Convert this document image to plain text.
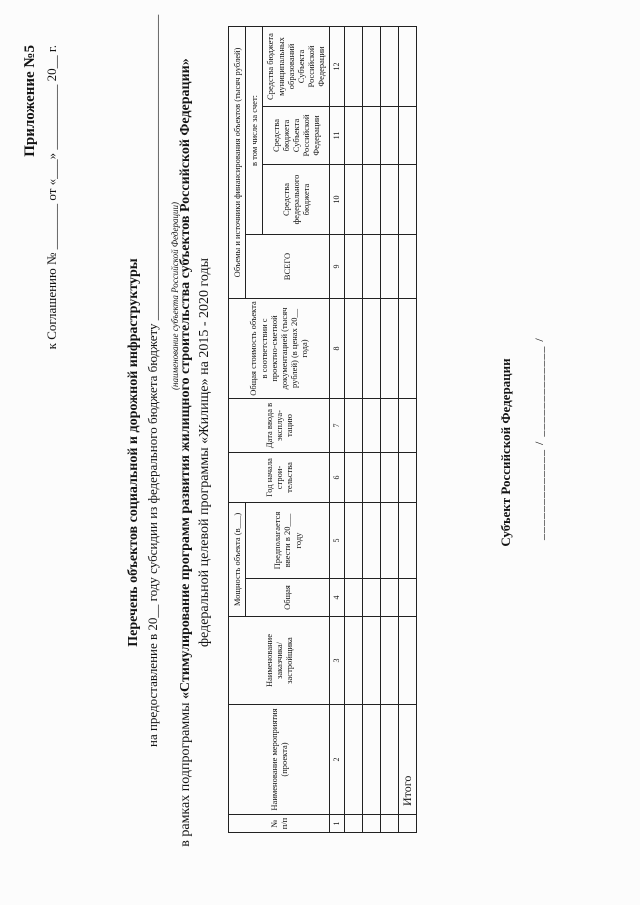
Приложение №5 к Соглашению № _______ от «___» __________ 20__ г.
Перечень объектов социальной и дорожной инфраструктуры на предоставление в 20__ году субсидии из федерального бюджета бюджету _______________________________________________ (наименование субъекта Российской Федерации)
в рамках подпрограммы «Стимулирование программ развития жилищного строительства субъектов Российской Федерации» федеральной целевой программы «Жилище» на 2015 - 2020 годы
№ п/п	Наименование мероприятия (проекта)	Наименование заказчика/ застройщика	Мощность объекта (в___)		Год начала строи- тельства	Дата ввода в эксплуа- тацию	Общая стоимость объекта в соответствии с проектно-сметной документацией (тысяч рублей) (в ценах 20__ года)	Объемы и источники финансирования объектов (тысяч рублей)			
			Общая	Предполагается ввести в 20___ году				ВСЕГО	в том числе за счет:		
									Средства федерального бюджета	Средства бюджета Субъекта Российской Федерации	Средства бюджета муниципальных образований Субъекта Российской Федерации
1	2	3	4	5	6	7	8	9	10	11	12

	Итого										
Субъект Российской Федерации _____________ / _____________ /
